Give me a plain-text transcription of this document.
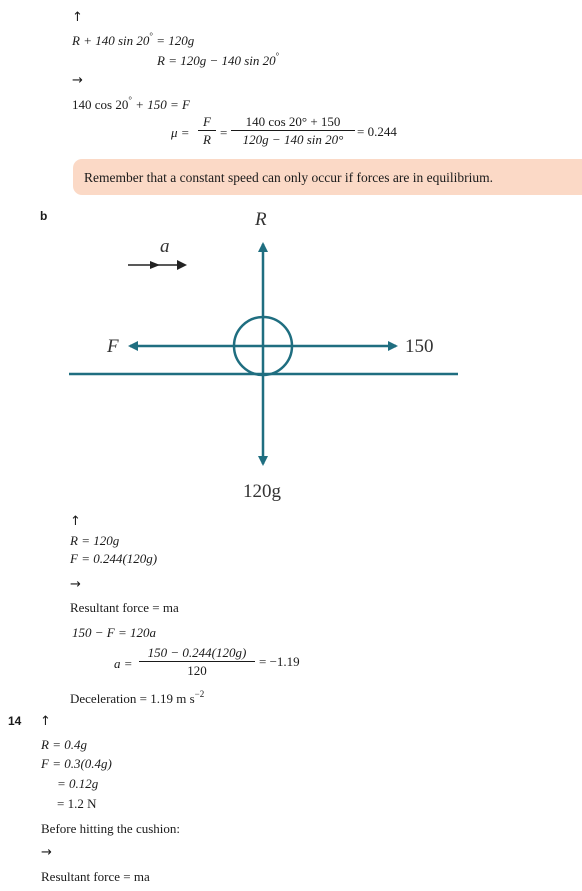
↑
R + 140 sin 20° = 120g
R = 120g − 140 sin 20°
→
140 cos 20° + 150 = F
$\mu = \frac{F}{R} = \frac{140 \cos 20^\circ + 150}{120g - 140 \sin 20^\circ} = 0.244$
Remember that a constant speed can only occur if forces are in equilibrium.
b	R
a
F	150
120g
↑
R = 120g
F = 0.244(120g)
→
Resultant force = ma
150 − F = 120a
$a = \frac{150 - 0.244(120g)}{120} = -1.19$
Deceleration = 1.19 m $s^{-2}$
14 ↑
R = 0.4g
F = 0.3(0.4g)
= 0.12g
= 1.2 N
Before hitting the cushion:
→
Resultant force = ma
